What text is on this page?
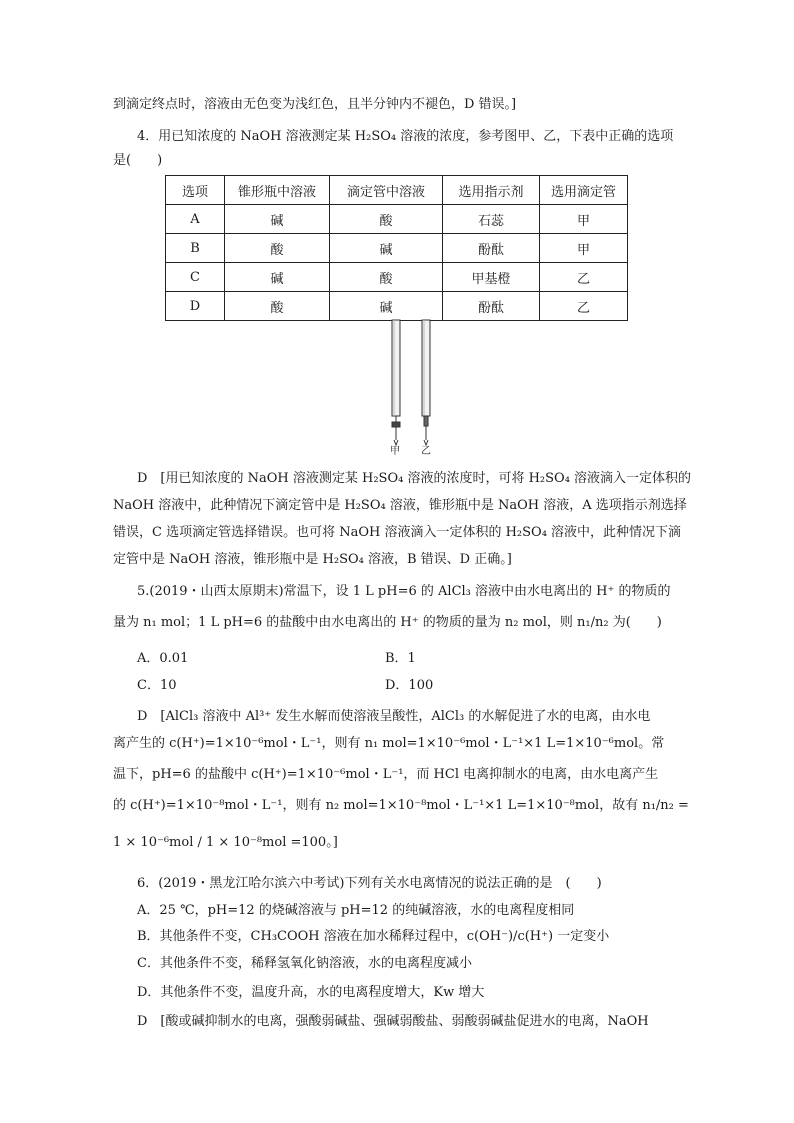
到滴定终点时，溶液由无色变为浅红色，且半分钟内不褪色，D 错误。]
4．用已知浓度的 NaOH 溶液测定某 H₂SO₄ 溶液的浓度，参考图甲、乙，下表中正确的选项
是(　　)
选项	锥形瓶中溶液	滴定管中溶液	选用指示剂	选用滴定管
A	碱	酸	石蕊	甲
B	酸	碱	酚酞	甲
C	碱	酸	甲基橙	乙
D	酸	碱	酚酞	乙
甲 乙
D　[用已知浓度的 NaOH 溶液测定某 H₂SO₄ 溶液的浓度时，可将 H₂SO₄ 溶液滴入一定体积的
NaOH 溶液中，此种情况下滴定管中是 H₂SO₄ 溶液，锥形瓶中是 NaOH 溶液，A 选项指示剂选择
错误，C 选项滴定管选择错误。也可将 NaOH 溶液滴入一定体积的 H₂SO₄ 溶液中，此种情况下滴
定管中是 NaOH 溶液，锥形瓶中是 H₂SO₄ 溶液，B 错误、D 正确。]
5.(2019・山西太原期末)常温下，设 1 L pH=6 的 AlCl₃ 溶液中由水电离出的 H⁺ 的物质的
量为 n₁ mol；1 L pH=6 的盐酸中由水电离出的 H⁺ 的物质的量为 n₂ mol，则 n₁/n₂ 为(　　)
A．0.01	B．1
C．10	D．100
D　[AlCl₃ 溶液中 Al³⁺ 发生水解而使溶液呈酸性，AlCl₃ 的水解促进了水的电离，由水电
离产生的 c(H⁺)=1×10⁻⁶mol・L⁻¹，则有 n₁ mol=1×10⁻⁶mol・L⁻¹×1 L=1×10⁻⁶mol。常
温下，pH=6 的盐酸中 c(H⁺)=1×10⁻⁶mol・L⁻¹，而 HCl 电离抑制水的电离，由水电离产生
的 c(H⁺)=1×10⁻⁸mol・L⁻¹，则有 n₂ mol=1×10⁻⁸mol・L⁻¹×1 L=1×10⁻⁸mol，故有 n₁/n₂ =
1 × 10⁻⁶mol / 1 × 10⁻⁸mol =100。]
6．(2019・黑龙江哈尔滨六中考试)下列有关水电离情况的说法正确的是　(　　)
A．25 ℃，pH=12 的烧碱溶液与 pH=12 的纯碱溶液，水的电离程度相同
B．其他条件不变，CH₃COOH 溶液在加水稀释过程中，c(OH⁻)/c(H⁺) 一定变小
C．其他条件不变，稀释氢氧化钠溶液，水的电离程度减小
D．其他条件不变，温度升高，水的电离程度增大，Kw 增大
D　[酸或碱抑制水的电离，强酸弱碱盐、强碱弱酸盐、弱酸弱碱盐促进水的电离，NaOH
